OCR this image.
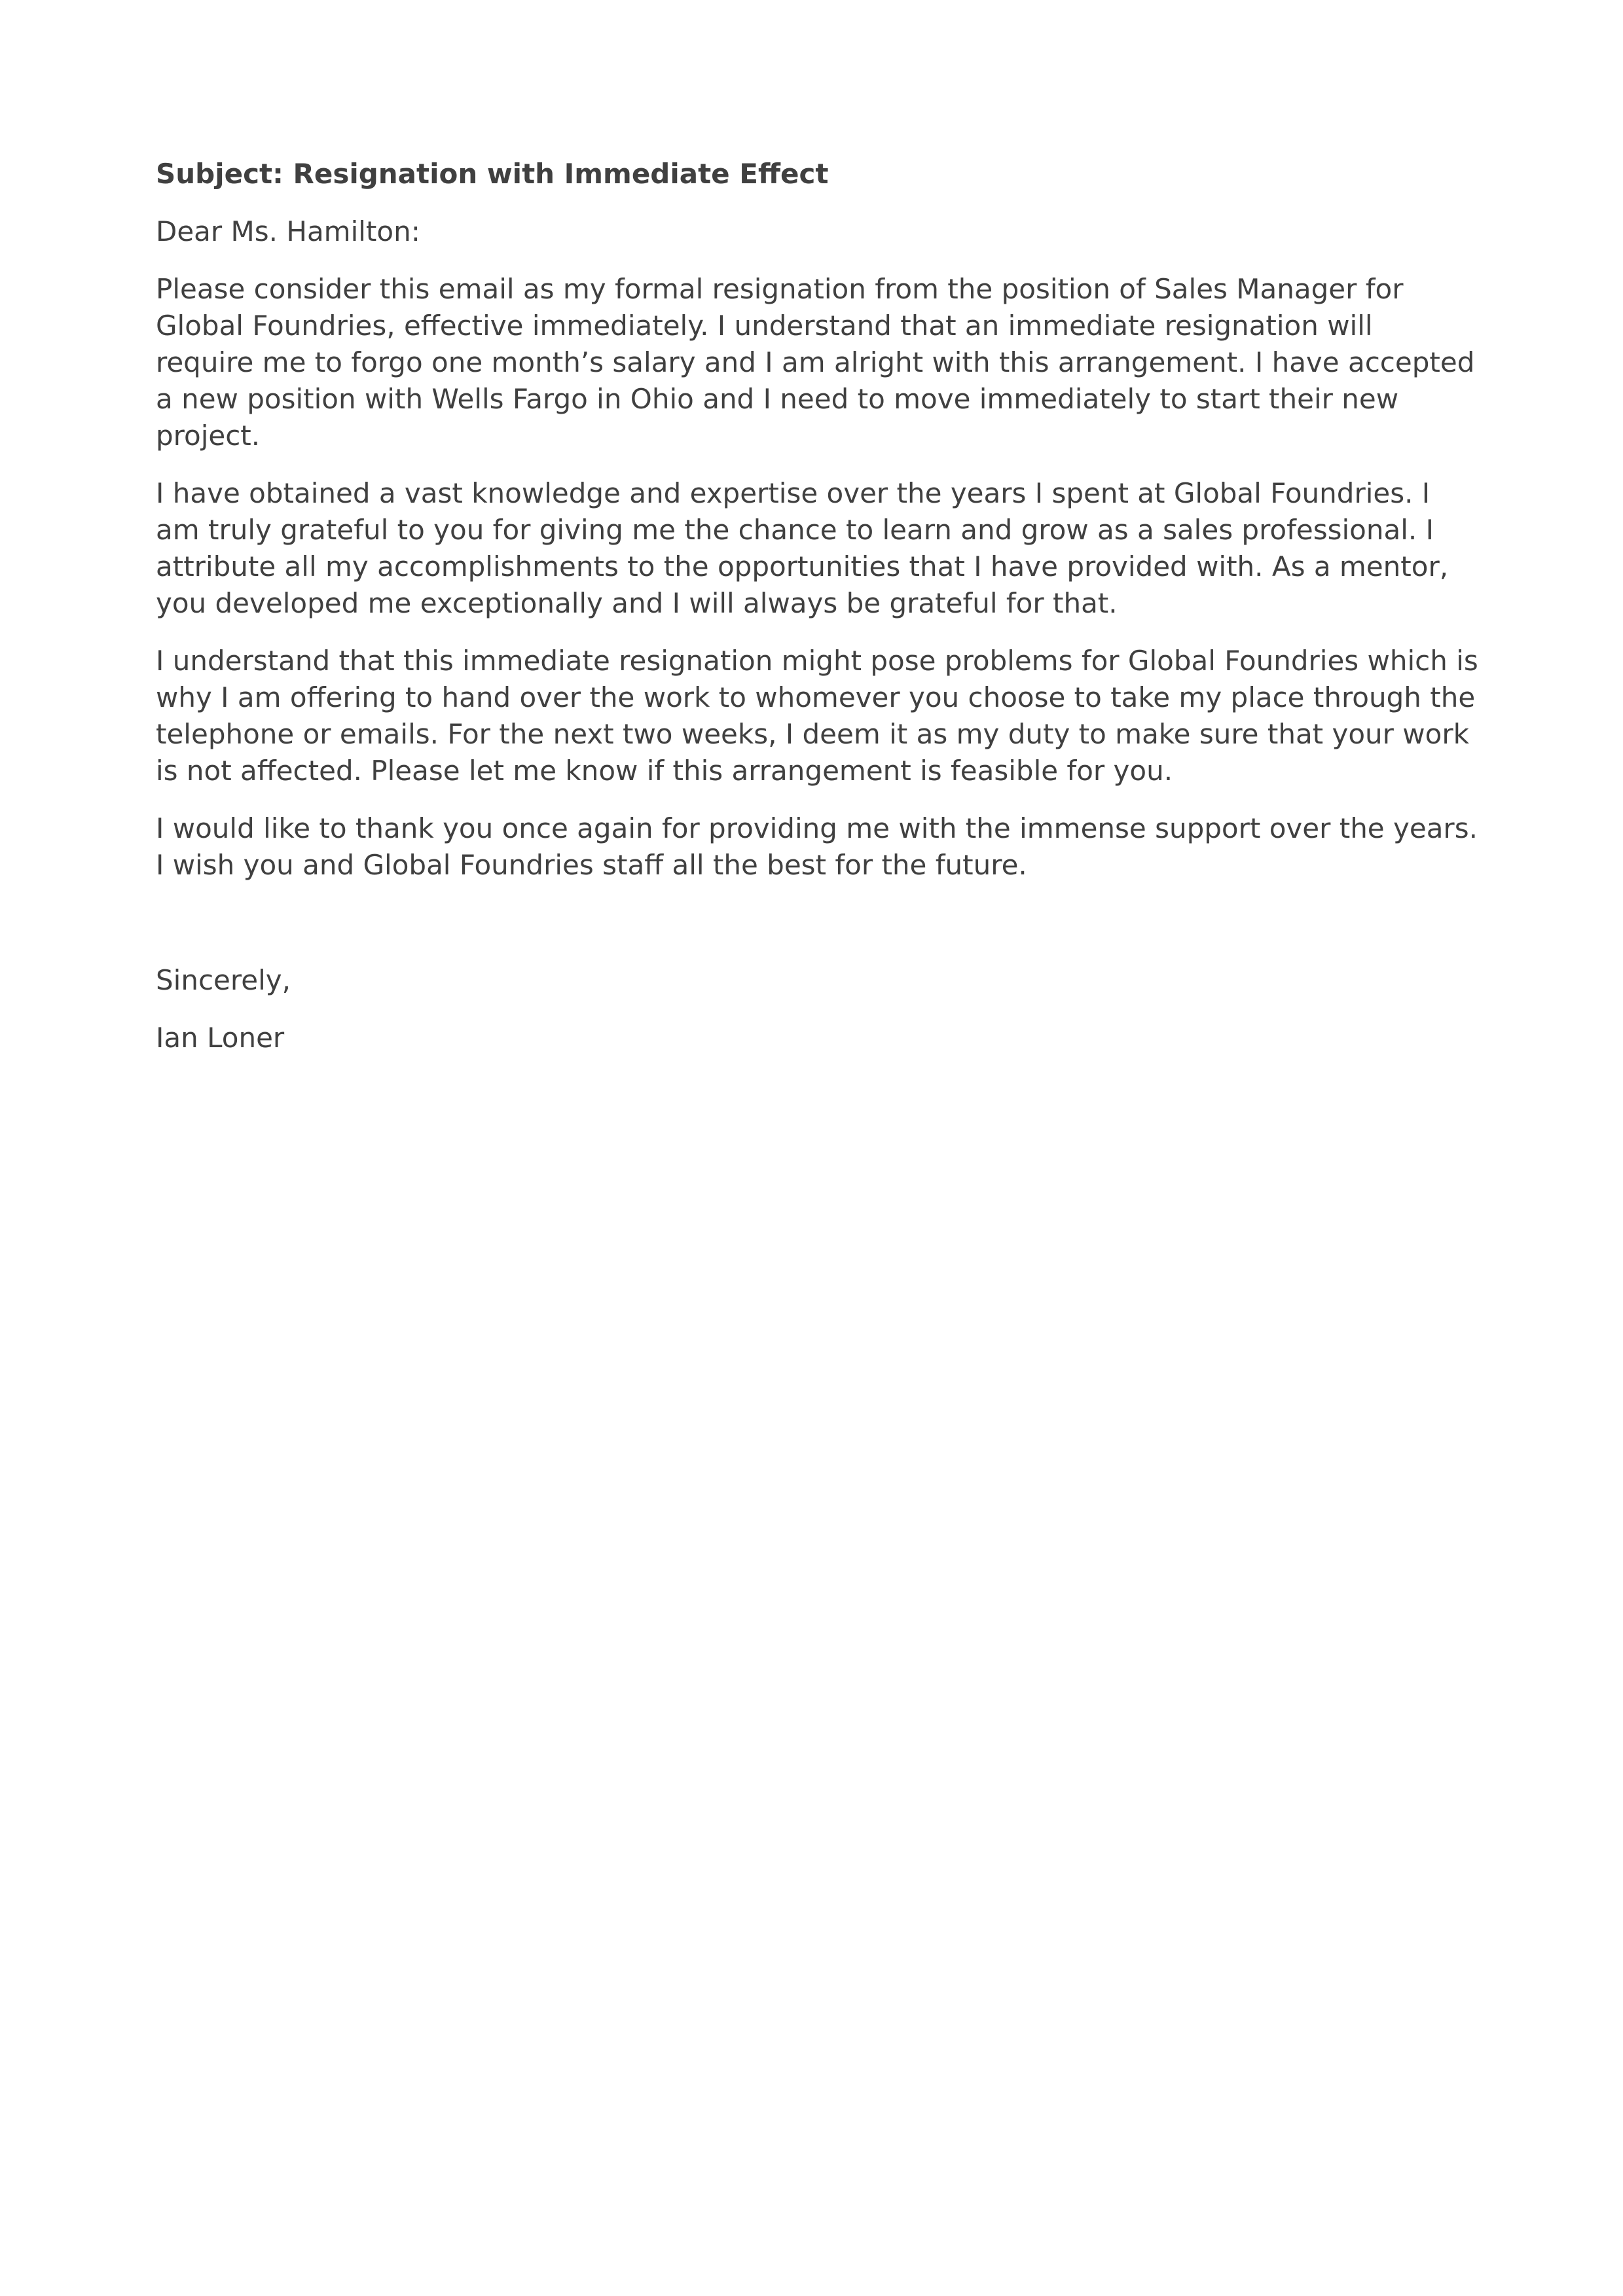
Subject: Resignation with Immediate Effect

Dear Ms. Hamilton:

Please consider this email as my formal resignation from the position of Sales Manager for Global Foundries, effective immediately. I understand that an immediate resignation will require me to forgo one month’s salary and I am alright with this arrangement. I have accepted a new position with Wells Fargo in Ohio and I need to move immediately to start their new project.

I have obtained a vast knowledge and expertise over the years I spent at Global Foundries. I am truly grateful to you for giving me the chance to learn and grow as a sales professional. I attribute all my accomplishments to the opportunities that I have provided with. As a mentor, you developed me exceptionally and I will always be grateful for that.

I understand that this immediate resignation might pose problems for Global Foundries which is why I am offering to hand over the work to whomever you choose to take my place through the telephone or emails. For the next two weeks, I deem it as my duty to make sure that your work is not affected. Please let me know if this arrangement is feasible for you.

I would like to thank you once again for providing me with the immense support over the years. I wish you and Global Foundries staff all the best for the future.

Sincerely,

Ian Loner
